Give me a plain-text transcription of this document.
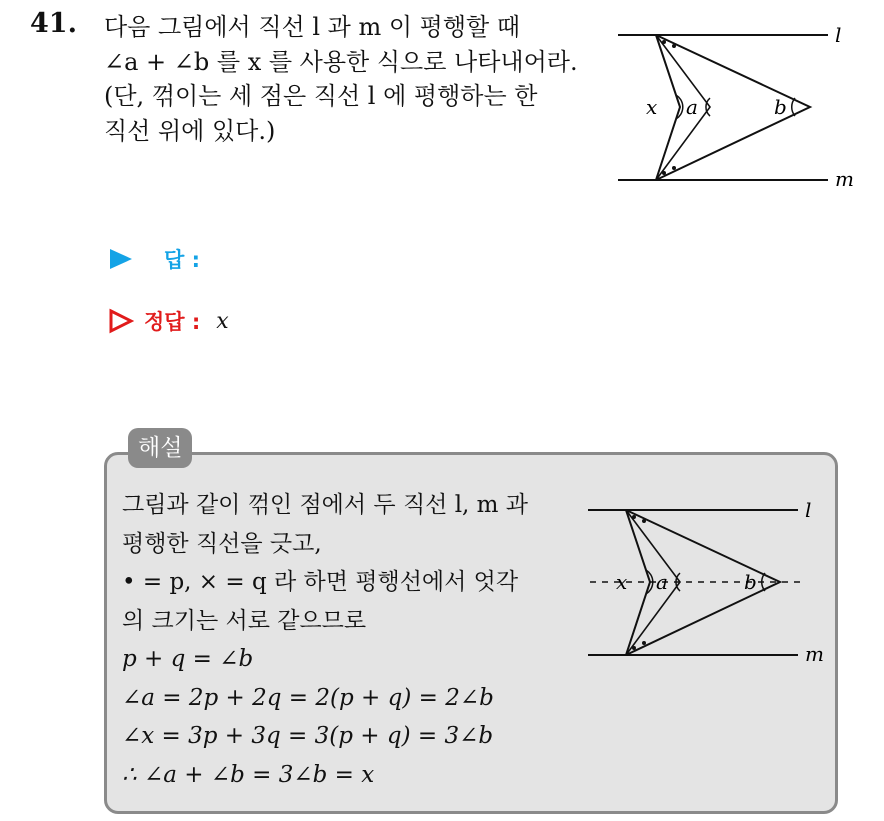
41. 다음 그림에서 직선 l 과 m 이 평행할 때
∠a + ∠b 를 x 를 사용한 식으로 나타내어라.
(단, 꺾이는 세 점은 직선 l 에 평행하는 한
직선 위에 있다.)
l
m
x a	b
답 :
정답 : x
해설
그림과 같이 꺾인 점에서 두 직선 l, m 과
평행한 직선을 긋고,
• = p, × = q 라 하면 평행선에서 엇각
의 크기는 서로 같으므로
p + q = ∠b
∠a = 2p + 2q = 2(p + q) = 2∠b
∠x = 3p + 3q = 3(p + q) = 3∠b
∴ ∠a + ∠b = 3∠b = x
l
m
x a	b
